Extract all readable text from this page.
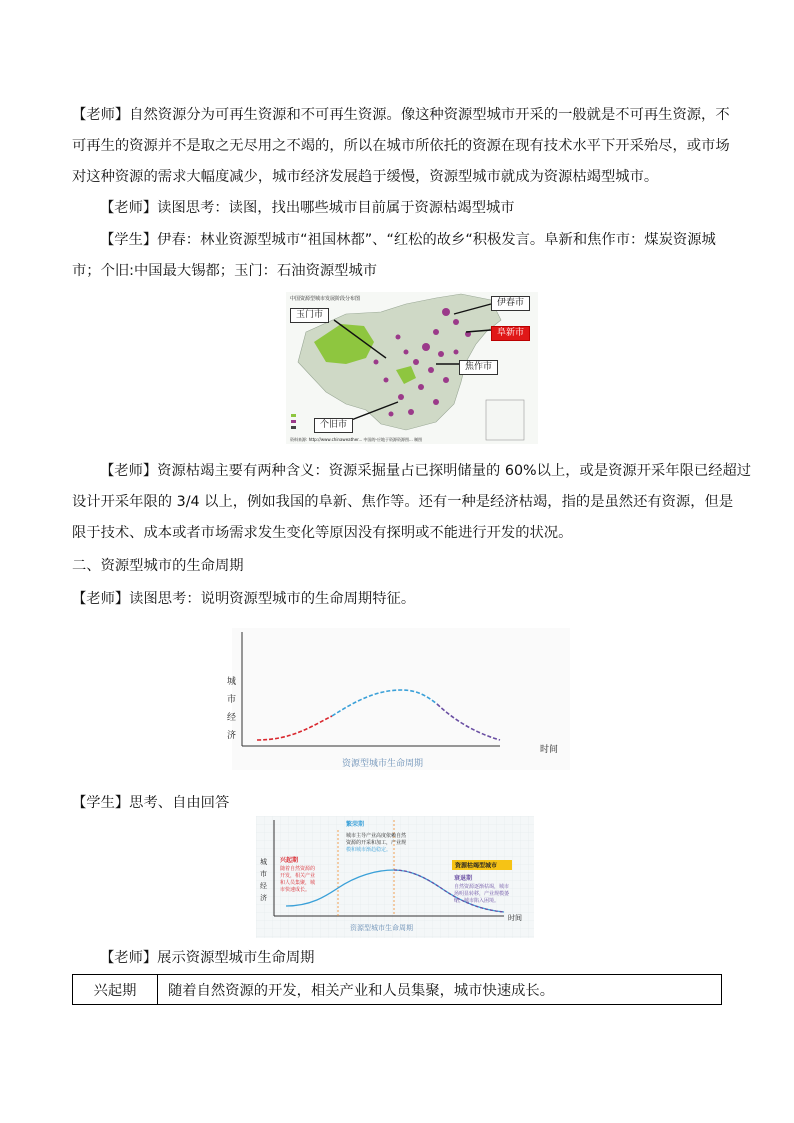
【老师】自然资源分为可再生资源和不可再生资源。像这种资源型城市开采的一般就是不可再生资源，不
可再生的资源并不是取之无尽用之不竭的，所以在城市所依托的资源在现有技术水平下开采殆尽，或市场
对这种资源的需求大幅度减少，城市经济发展趋于缓慢，资源型城市就成为资源枯竭型城市。
【老师】读图思考：读图，找出哪些城市目前属于资源枯竭型城市
【学生】伊春：林业资源型城市“祖国林都”、“红松的故乡“积极发言。阜新和焦作市：煤炭资源城
市；个旧:中国最大锡都；玉门：石油资源型城市
中国资源型城市发展阶段分布图
资料来源: http://www.chinaweather... 中国的-应地于资源资源图... 制图
玉门市
伊春市
阜新市
焦作市
个旧市
【老师】资源枯竭主要有两种含义：资源采掘量占已探明储量的 60%以上，或是资源开采年限已经超过
设计开采年限的 3/4 以上，例如我国的阜新、焦作等。还有一种是经济枯竭，指的是虽然还有资源，但是
限于技术、成本或者市场需求发生变化等原因没有探明或不能进行开发的状况。
二、资源型城市的生命周期
【老师】读图思考：说明资源型城市的生命周期特征。
城
市
经
济
时间
资源型城市生命周期
【学生】思考、自由回答
城
市
经
济
兴起期
随着自然资源的
开发，相关产业
和人员集聚，城
市快速成长。
繁荣期
城市主导产业高度依赖自然
资源的开采和加工，产业规
模和城市渐趋稳定。
资源枯竭型城市
衰退期
自然资源逐渐枯竭，城市
场明显转移，产业规模萎
缩，城市陷入困境。
时间
资源型城市生命周期
【老师】展示资源型城市生命周期
兴起期	随着自然资源的开发，相关产业和人员集聚，城市快速成长。
